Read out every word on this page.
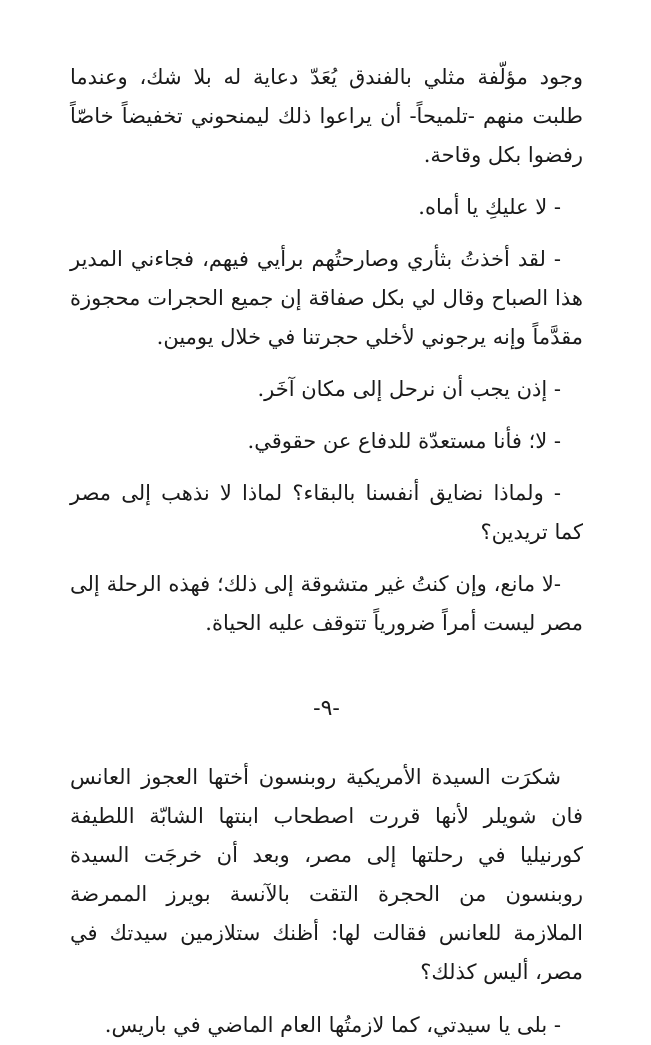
وجود مؤلّفة مثلي بالفندق يُعَدّ دعاية له بلا شك، وعندما طلبت منهم -تلميحاً- أن يراعوا ذلك ليمنحوني تخفيضاً خاصّاً رفضوا بكل وقاحة.

- لا عليكِ يا أماه.

- لقد أخذتُ بثأري وصارحتُهم برأيي فيهم، فجاءني المدير هذا الصباح وقال لي بكل صفاقة إن جميع الحجرات محجوزة مقدَّماً وإنه يرجوني لأخلي حجرتنا في خلال يومين.

- إذن يجب أن نرحل إلى مكان آخَر.

- لا؛ فأنا مستعدّة للدفاع عن حقوقي.

- ولماذا نضايق أنفسنا بالبقاء؟ لماذا لا نذهب إلى مصر كما تريدين؟

-لا مانع، وإن كنتُ غير متشوقة إلى ذلك؛ فهذه الرحلة إلى مصر ليست أمراً ضرورياً تتوقف عليه الحياة.

-٩-

شكرَت السيدة الأمريكية روبنسون أختها العجوز العانس فان شويلر لأنها قررت اصطحاب ابنتها الشابّة اللطيفة كورنيليا في رحلتها إلى مصر، وبعد أن خرجَت السيدة روبنسون من الحجرة التقت بالآنسة بويرز الممرضة الملازمة للعانس فقالت لها: أظنك ستلازمين سيدتك في مصر، أليس كذلك؟

- بلى يا سيدتي، كما لازمتُها العام الماضي في باريس.
